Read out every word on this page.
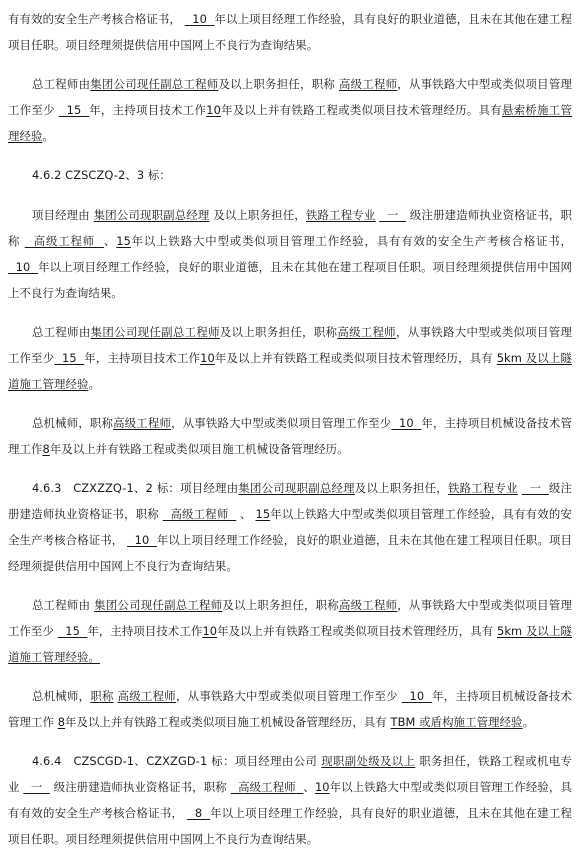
有有效的安全生产考核合格证书，   10  年以上项目经理工作经验，具有良好的职业道德，且未在其他在建工程项目任职。项目经理须提供信用中国网上不良行为查询结果。

总工程师由集团公司现任副总工程师及以上职务担任，职称 高级工程师，从事铁路大中型或类似项目管理工作至少   15  年，主持项目技术工作10年及以上并有铁路工程或类似项目技术管理经历。具有悬索桥施工管理经验。

4.6.2 CZSCZQ-2、3 标：

项目经理由 集团公司现职副总经理 及以上职务担任，铁路工程专业   一   级注册建造师执业资格证书，职称   高级工程师  、15年以上铁路大中型或类似项目管理工作经验，具有有效的安全生产考核合格证书，   10  年以上项目经理工作经验，良好的职业道德，且未在其他在建工程项目任职。项目经理须提供信用中国网上不良行为查询结果。

总工程师由集团公司现任副总工程师及以上职务担任，职称高级工程师，从事铁路大中型或类似项目管理工作至少  15  年，主持项目技术工作10年及以上并有铁路工程或类似项目技术管理经历，具有 5km 及以上隧道施工管理经验。

总机械师，职称高级工程师，从事铁路大中型或类似项目管理工作至少  10  年，主持项目机械设备技术管理工作8年及以上并有铁路工程或类似项目施工机械设备管理经历。

4.6.3　CZXZZQ-1、2 标：项目经理由集团公司现职副总经理及以上职务担任，铁路工程专业   一  级注册建造师执业资格证书，职称   高级工程师   、 15年以上铁路大中型或类似项目管理工作经验，具有有效的安全生产考核合格证书，   10  年以上项目经理工作经验，良好的职业道德，且未在其他在建工程项目任职。项目经理须提供信用中国网上不良行为查询结果。

总工程师由 集团公司现任副总工程师及以上职务担任，职称高级工程师，从事铁路大中型或类似项目管理工作至少   15  年，主持项目技术工作10年及以上并有铁路工程或类似项目技术管理经历，具有 5km 及以上隧道施工管理经验。

总机械师，职称 高级工程师，从事铁路大中型或类似项目管理工作至少   10  年，主持项目机械设备技术管理工作 8年及以上并有铁路工程或类似项目施工机械设备管理经历，具有 TBM 或盾构施工管理经验。

4.6.4　CZSCGD-1、CZXZGD-1 标：项目经理由公司 现职副处级及以上 职务担任，铁路工程或机电专业   一   级注册建造师执业资格证书，职称   高级工程师  、10年以上铁路大中型或类似项目管理工作经验，具有有效的安全生产考核合格证书，   8  年以上项目经理工作经验，具有良好的职业道德，且未在其他在建工程项目任职。项目经理须提供信用中国网上不良行为查询结果。
